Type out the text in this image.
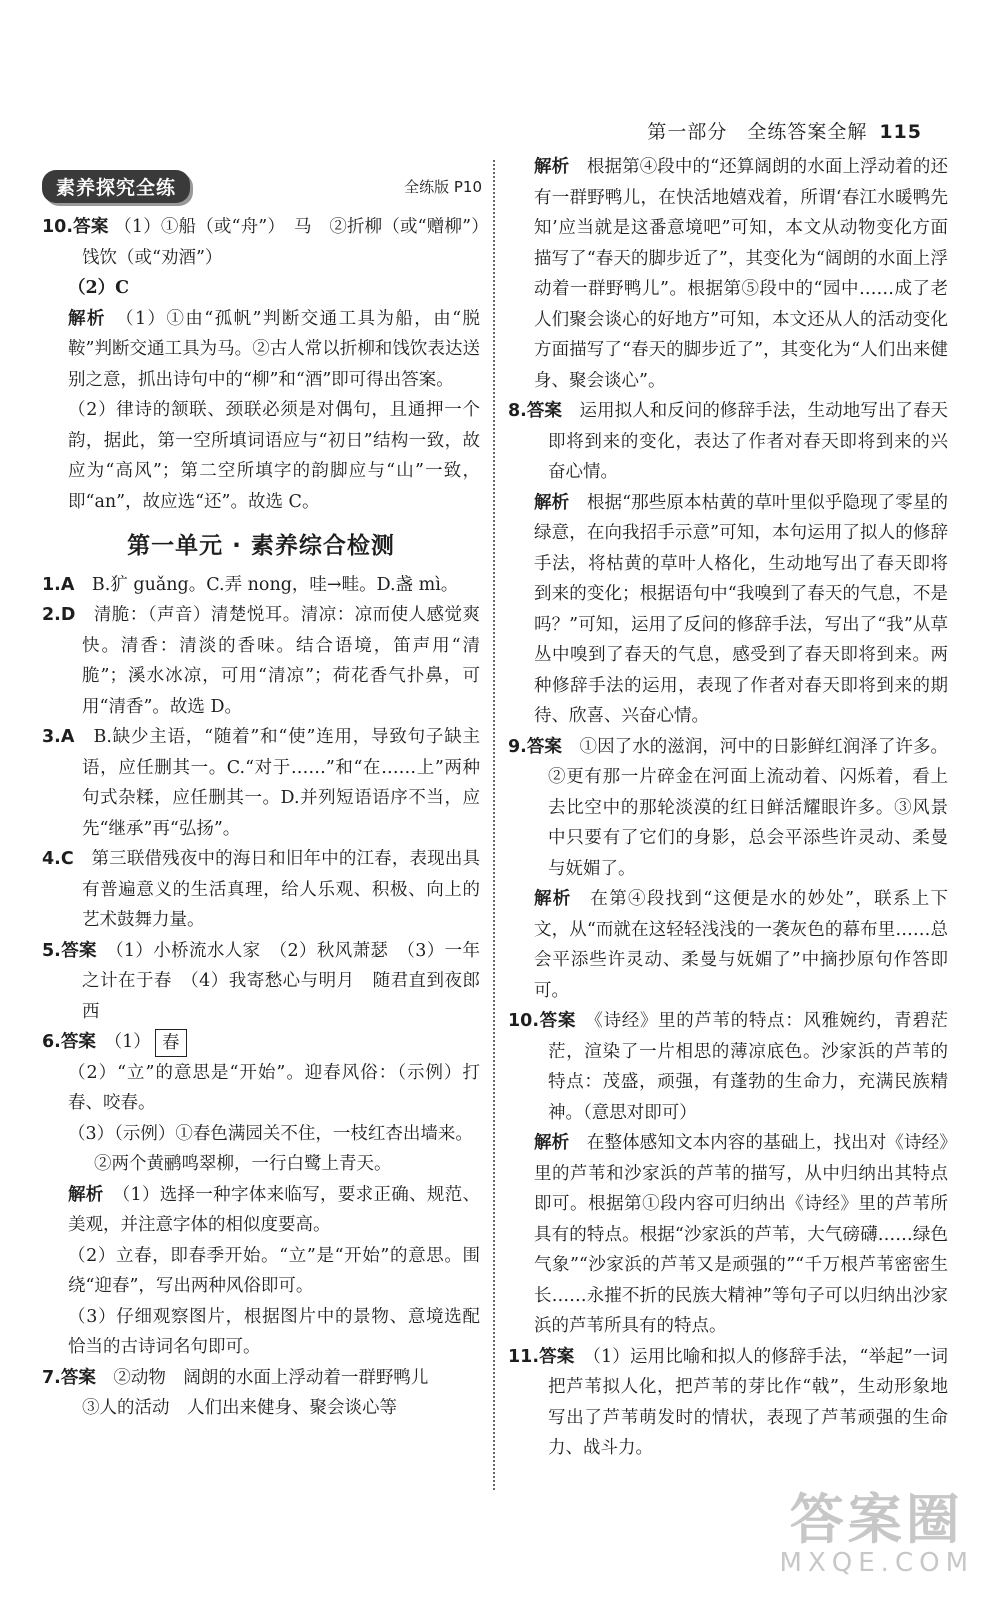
第一部分　全练答案全解 115
素养探究全练	全练版 P10

10.答案 （1）①船（或“舟”）　马　②折柳（或“赠柳”）　饯饮（或“劝酒”）

（2）C

解析　 （1）①由“孤帆”判断交通工具为船，由“脱鞍”判断交通工具为马。②古人常以折柳和饯饮表达送别之意，抓出诗句中的“柳”和“酒”即可得出答案。

（2）律诗的颔联、颈联必须是对偶句，且通押一个韵，据此，第一空所填词语应与“初日”结构一致，故应为“高风”；第二空所填字的韵脚应与“山”一致，即“an”，故应选“还”。故选 C。

第一单元 · 素养综合检测

1.A　 B.犷 guǎng。C.弄 nong，哇→畦。D.盏 mì。

2.D　 清脆：（声音）清楚悦耳。清凉：凉而使人感觉爽快。清香：清淡的香味。结合语境，笛声用“清脆”；溪水冰凉，可用“清凉”；荷花香气扑鼻，可用“清香”。故选 D。

3.A　 B.缺少主语，“随着”和“使”连用，导致句子缺主语，应任删其一。C.“对于……”和“在……上”两种句式杂糅，应任删其一。D.并列短语语序不当，应先“继承”再“弘扬”。

4.C　 第三联借残夜中的海日和旧年中的江春，表现出具有普遍意义的生活真理，给人乐观、积极、向上的艺术鼓舞力量。

5.答案　 （1）小桥流水人家　（2）秋风萧瑟　（3）一年之计在于春　（4）我寄愁心与明月　随君直到夜郎西

6.答案　 （1） 春

（2）“立”的意思是“开始”。迎春风俗：（示例）打春、咬春。

（3）（示例）①春色满园关不住，一枝红杏出墙来。

②两个黄鹂鸣翠柳，一行白鹭上青天。

解析　 （1）选择一种字体来临写，要求正确、规范、美观，并注意字体的相似度要高。

（2）立春，即春季开始。“立”是“开始”的意思。围绕“迎春”，写出两种风俗即可。

（3）仔细观察图片，根据图片中的景物、意境选配恰当的古诗词名句即可。

7.答案　 ②动物　阔朗的水面上浮动着一群野鸭儿

③人的活动　人们出来健身、聚会谈心等

解析　 根据第④段中的“还算阔朗的水面上浮动着的还有一群野鸭儿，在快活地嬉戏着，所谓‘春江水暖鸭先知’应当就是这番意境吧”可知，本文从动物变化方面描写了“春天的脚步近了”，其变化为“阔朗的水面上浮动着一群野鸭儿”。根据第⑤段中的“园中……成了老人们聚会谈心的好地方”可知，本文还从人的活动变化方面描写了“春天的脚步近了”，其变化为“人们出来健身、聚会谈心”。

8.答案　 运用拟人和反问的修辞手法，生动地写出了春天即将到来的变化，表达了作者对春天即将到来的兴奋心情。

解析　 根据“那些原本枯黄的草叶里似乎隐现了零星的绿意，在向我招手示意”可知，本句运用了拟人的修辞手法，将枯黄的草叶人格化，生动地写出了春天即将到来的变化；根据语句中“我嗅到了春天的气息，不是吗？”可知，运用了反问的修辞手法，写出了“我”从草丛中嗅到了春天的气息，感受到了春天即将到来。两种修辞手法的运用，表现了作者对春天即将到来的期待、欣喜、兴奋心情。

9.答案　 ①因了水的滋润，河中的日影鲜红润泽了许多。②更有那一片碎金在河面上流动着、闪烁着，看上去比空中的那轮淡漠的红日鲜活耀眼许多。③风景中只要有了它们的身影，总会平添些许灵动、柔曼与妩媚了。

解析　 在第④段找到“这便是水的妙处”，联系上下文，从“而就在这轻轻浅浅的一袭灰色的幕布里……总会平添些许灵动、柔曼与妩媚了”中摘抄原句作答即可。

10.答案　 《诗经》里的芦苇的特点：风雅婉约，青碧茫茫，渲染了一片相思的薄凉底色。沙家浜的芦苇的特点：茂盛，顽强，有蓬勃的生命力，充满民族精神。（意思对即可）

解析　 在整体感知文本内容的基础上，找出对《诗经》里的芦苇和沙家浜的芦苇的描写，从中归纳出其特点即可。根据第①段内容可归纳出《诗经》里的芦苇所具有的特点。根据“沙家浜的芦苇，大气磅礴……绿色气象”“沙家浜的芦苇又是顽强的”“千万根芦苇密密生长……永摧不折的民族大精神”等句子可以归纳出沙家浜的芦苇所具有的特点。

11.答案　 （1）运用比喻和拟人的修辞手法，“举起”一词把芦苇拟人化，把芦苇的芽比作“戟”，生动形象地写出了芦苇萌发时的情状，表现了芦苇顽强的生命力、战斗力。

答案圈
MXQE.COM
